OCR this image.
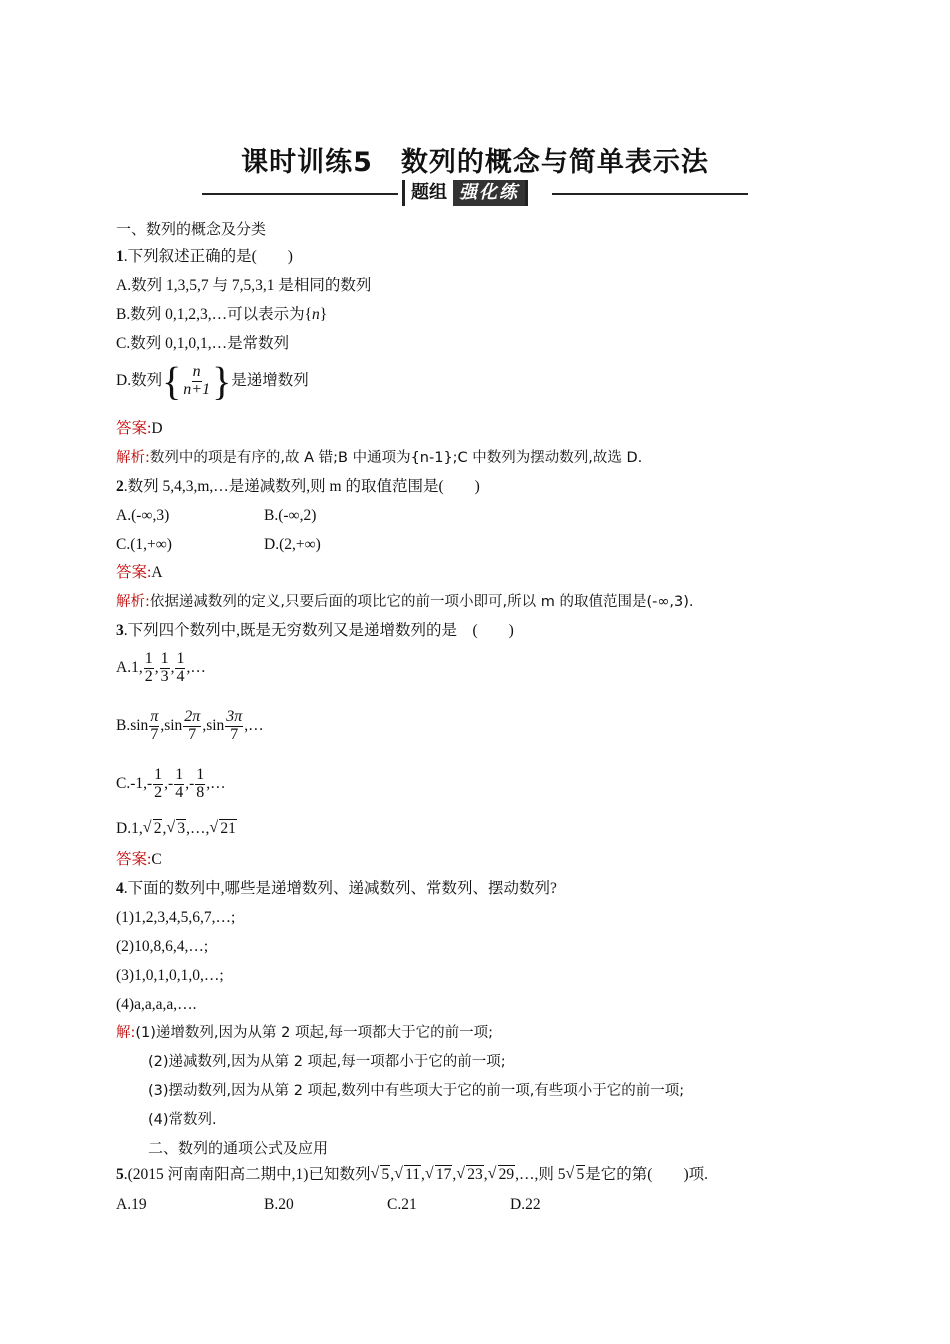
课时训练5　数列的概念与简单表示法
题组 强化练
一、数列的概念及分类
1.下列叙述正确的是(　　)
A.数列 1,3,5,7 与 7,5,3,1 是相同的数列
B.数列 0,1,2,3,…可以表示为{n}
C.数列 0,1,0,1,…是常数列
D.数列{ $\frac{n}{n+1}$ }是递增数列
答案:D
解析:数列中的项是有序的,故 A 错;B 中通项为{n-1};C 中数列为摆动数列,故选 D.
2.数列 5,4,3,m,…是递减数列,则 m 的取值范围是(　　)
A.(-∞,3)	B.(-∞,2)
C.(1,+∞)	D.(2,+∞)
答案:A
解析:依据递减数列的定义,只要后面的项比它的前一项小即可,所以 m 的取值范围是(-∞,3).
3.下列四个数列中,既是无穷数列又是递增数列的是　(　　)
A.1, $\frac{1}{2}$ , $\frac{1}{3}$ , $\frac{1}{4}$ ,…
$B.\sin \frac{\pi}{7} ,\sin \frac{2\pi}{7} ,\sin \frac{3\pi}{7}$ ,…
$C.-1,- \frac{1}{2}$ ,- $\frac{1}{4}$ ,- $\frac{1}{8}$ ,…
D.1, √ 2, √ 3,…, √ 21
答案:C
4.下面的数列中,哪些是递增数列、递减数列、常数列、摆动数列?
(1)1,2,3,4,5,6,7,…;
(2)10,8,6,4,…;
(3)1,0,1,0,1,0,…;
(4)a,a,a,a,….
解:(1)递增数列,因为从第 2 项起,每一项都大于它的前一项;
(2)递减数列,因为从第 2 项起,每一项都小于它的前一项;
(3)摆动数列,因为从第 2 项起,数列中有些项大于它的前一项,有些项小于它的前一项;
(4)常数列.
二、数列的通项公式及应用
5.(2015 河南南阳高二期中,1)已知数列 √ 5, √ 11, √ 17, √ 23, √ 29,…,则 5 √ 5是它的第(　　)项.
A.19	B.20	C.21	D.22
